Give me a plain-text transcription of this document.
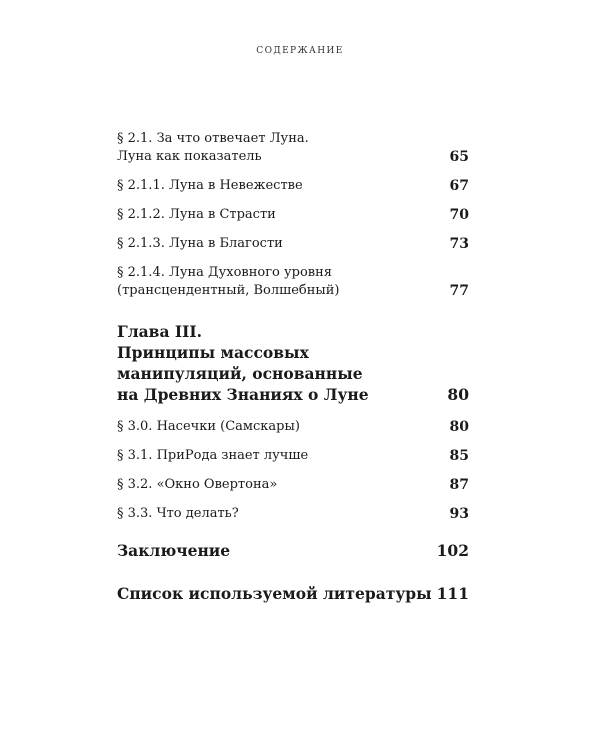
СОДЕРЖАНИЕ
§ 2.1. За что отвечает Луна.
Луна как показатель	65
§ 2.1.1. Луна в Невежестве	67
§ 2.1.2. Луна в Страсти	70
§ 2.1.3. Луна в Благости	73
§ 2.1.4. Луна Духовного уровня
(трансцендентный, Волшебный)	77
Глава III.
Принципы массовых
манипуляций, основанные
на Древних Знаниях о Луне	80
§ 3.0. Насечки (Самскары)	80
§ 3.1. ПриРода знает лучше	85
§ 3.2. «Окно Овертона»	87
§ 3.3. Что делать?	93
Заключение	102
Список используемой литературы 111
